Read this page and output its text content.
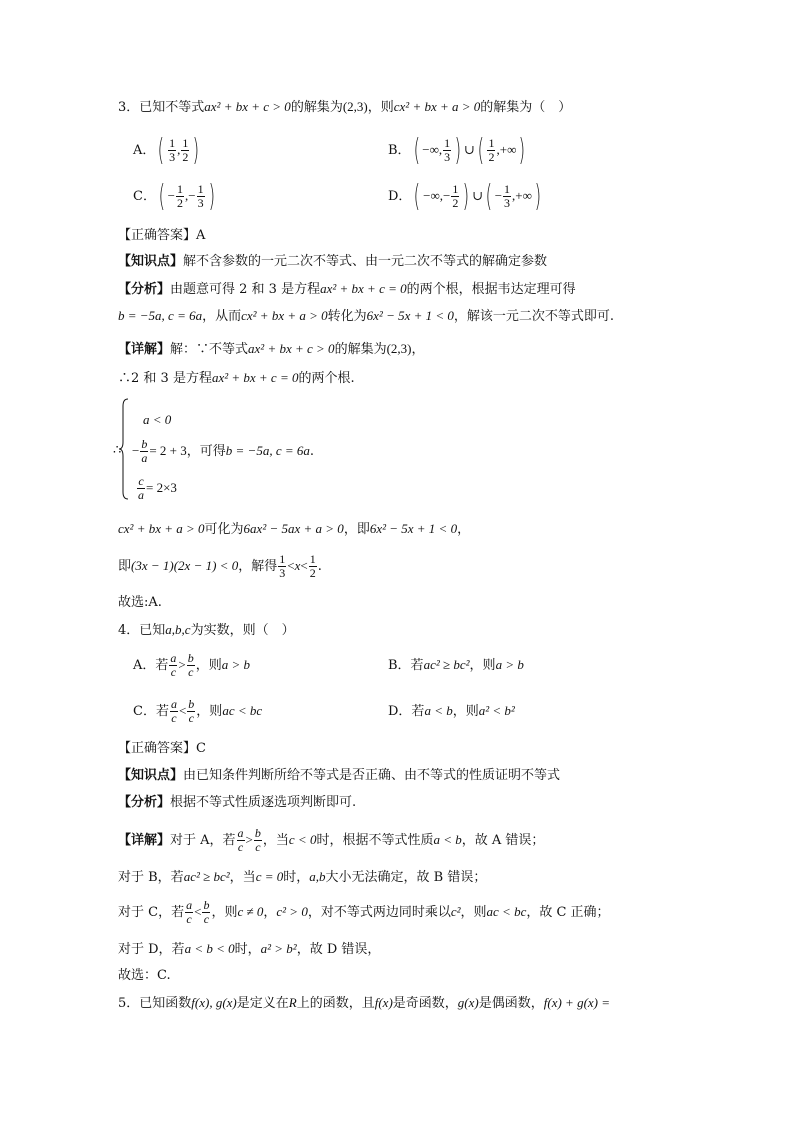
3．已知不等式ax² + bx + c > 0的解集为(2,3)，则cx² + bx + a > 0的解集为（　）
A．( $\frac{1}{3}$ , $\frac{1}{2}$ )	B．( −∞, $\frac{1}{3}$ ) ∪( $\frac{1}{2}$ ,+∞)
C．( − $\frac{1}{2}$ ,− $\frac{1}{3}$ )	D．( −∞,− $\frac{1}{2}$ ) ∪( − $\frac{1}{3}$ ,+∞)
【正确答案】A
【知识点】解不含参数的一元二次不等式、由一元二次不等式的解确定参数
【分析】由题意可得 2 和 3 是方程ax² + bx + c = 0的两个根，根据韦达定理可得
b = −5a, c = 6a，从而cx² + bx + a > 0转化为6x² − 5x + 1 < 0，解该一元二次不等式即可.
【详解】解：∵不等式ax² + bx + c > 0的解集为(2,3)，
∴2 和 3 是方程ax² + bx + c = 0的两个根.
∴
a < 0
− $\frac{b}{a} = 2 + 3$，可得b = −5a, c = 6a.
$\frac{c}{a} = 2\times 3$
cx² + bx + a > 0可化为6ax² − 5ax + a > 0，即6x² − 5x + 1 < 0，
即(3x − 1)(2x − 1) < 0，解得 $\frac{1}{3} <x< \frac{1}{2}$ .
故选:A.
4．已知a,b,c为实数，则（　）
A．若 $\frac{a}{c} > \frac{b}{c}$ ，则a > b	B．若ac² ≥ bc²，则a > b
C．若 $\frac{a}{c} < \frac{b}{c}$ ，则ac < bc	D．若a < b，则a² < b²
【正确答案】C
【知识点】由已知条件判断所给不等式是否正确、由不等式的性质证明不等式
【分析】根据不等式性质逐选项判断即可.
【详解】对于 A，若 $\frac{a}{c} > \frac{b}{c}$ ，当c < 0时，根据不等式性质a < b，故 A 错误；
对于 B，若ac² ≥ bc²，当c = 0时，a,b大小无法确定，故 B 错误；
对于 C，若 $\frac{a}{c} < \frac{b}{c}$ ，则c ≠ 0，c² > 0，对不等式两边同时乘以c²，则ac < bc，故 C 正确；
对于 D，若a < b < 0时，a² > b²，故 D 错误，
故选：C.
5．已知函数f(x), g(x)是定义在R上的函数，且f(x)是奇函数，g(x)是偶函数，f(x) + g(x) =
